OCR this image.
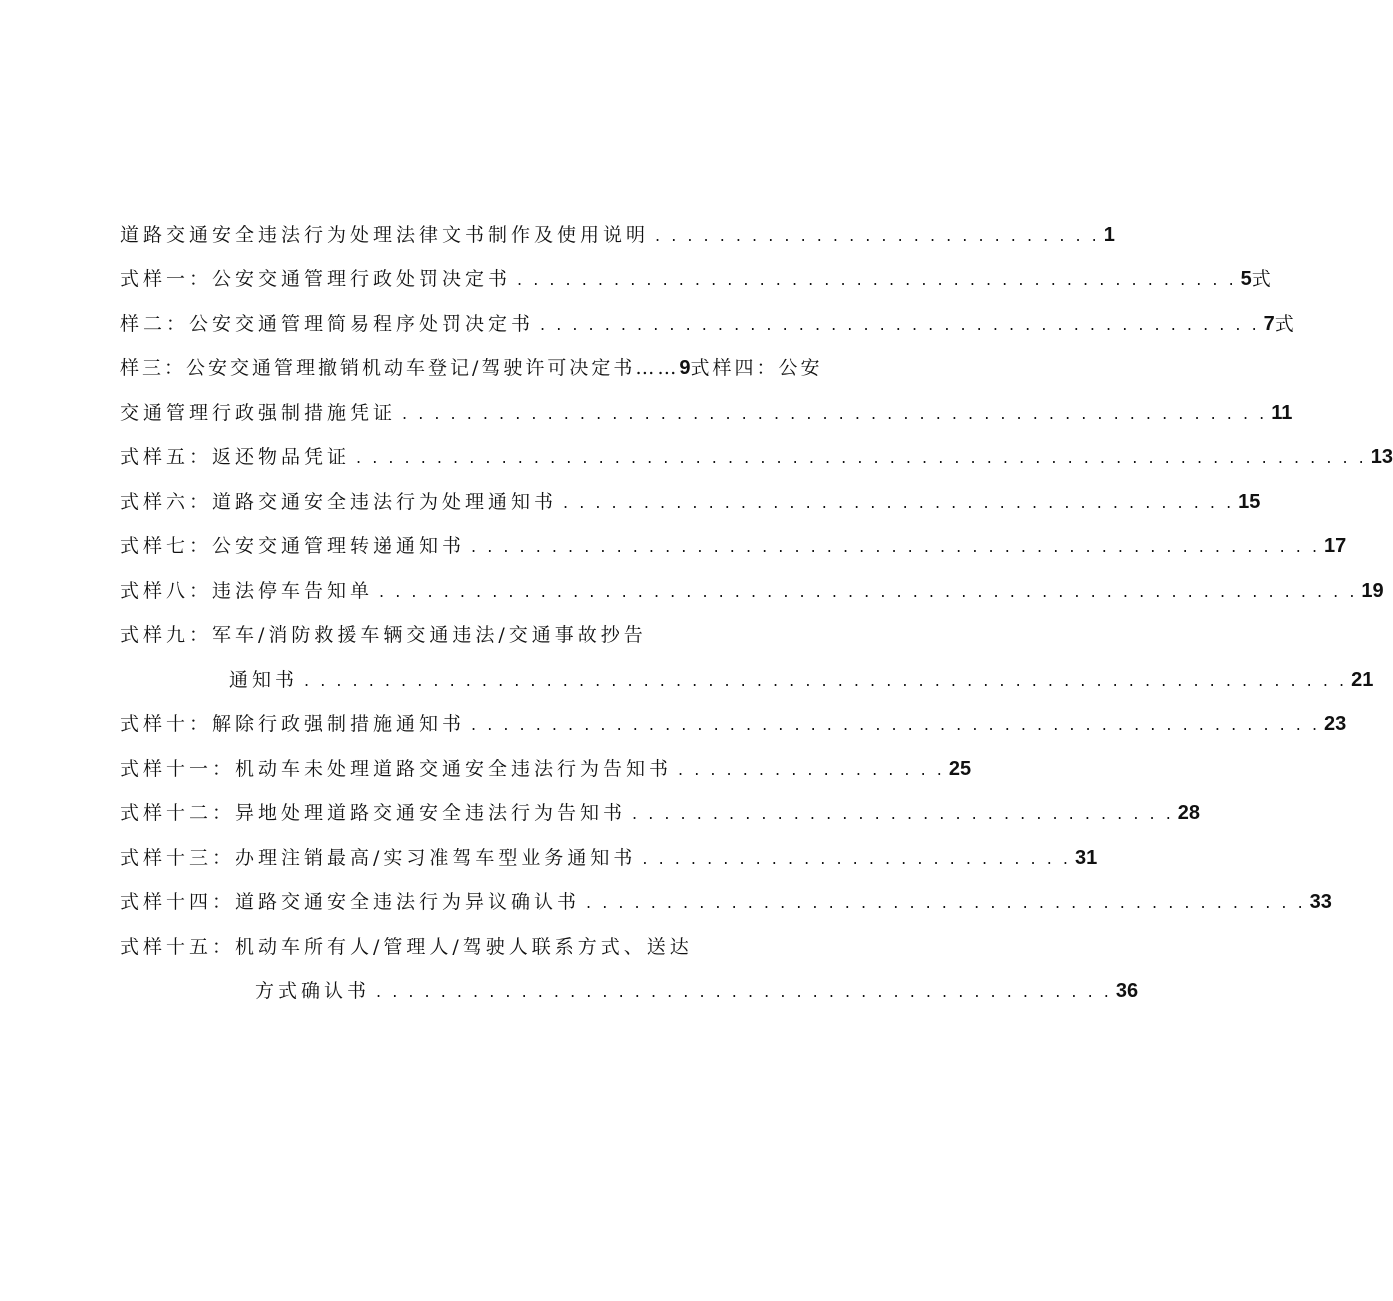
道路交通安全违法行为处理法律文书制作及使用说明 . . . . . . . . . . . . . . . . . . . . . . . . . . . . 1
式样一：公安交通管理行政处罚决定书 . . . . . . . . . . . . . . . . . . . . . . . . . . . . . . . . . . . . . . . . . . . . . 5 式
样二：公安交通管理简易程序处罚决定书 . . . . . . . . . . . . . . . . . . . . . . . . . . . . . . . . . . . . . . . . . . . . . 7 式
样三：公安交通管理撤销机动车登记/驾驶许可决定书…… 9 式样四：公安
交通管理行政强制措施凭证 . . . . . . . . . . . . . . . . . . . . . . . . . . . . . . . . . . . . . . . . . . . . . . . . . . . . . . 11
式样五：返还物品凭证 . . . . . . . . . . . . . . . . . . . . . . . . . . . . . . . . . . . . . . . . . . . . . . . . . . . . . . . . . . . . . . . 13
式样六：道路交通安全违法行为处理通知书 . . . . . . . . . . . . . . . . . . . . . . . . . . . . . . . . . . . . . . . . . . 15
式样七：公安交通管理转递通知书 . . . . . . . . . . . . . . . . . . . . . . . . . . . . . . . . . . . . . . . . . . . . . . . . . . . . . 17
式样八：违法停车告知单 . . . . . . . . . . . . . . . . . . . . . . . . . . . . . . . . . . . . . . . . . . . . . . . . . . . . . . . . . . . . . 19
式样九：军车/消防救援车辆交通违法/交通事故抄告
通知书 . . . . . . . . . . . . . . . . . . . . . . . . . . . . . . . . . . . . . . . . . . . . . . . . . . . . . . . . . . . . . . . . . 21
式样十：解除行政强制措施通知书 . . . . . . . . . . . . . . . . . . . . . . . . . . . . . . . . . . . . . . . . . . . . . . . . . . . . . 23
式样十一：机动车未处理道路交通安全违法行为告知书 . . . . . . . . . . . . . . . . . 25
式样十二：异地处理道路交通安全违法行为告知书 . . . . . . . . . . . . . . . . . . . . . . . . . . . . . . . . . . 28
式样十三：办理注销最高/实习准驾车型业务通知书 . . . . . . . . . . . . . . . . . . . . . . . . . . . 31
式样十四：道路交通安全违法行为异议确认书 . . . . . . . . . . . . . . . . . . . . . . . . . . . . . . . . . . . . . . . . . . . . . 33
式样十五：机动车所有人/管理人/驾驶人联系方式、送达
方式确认书 . . . . . . . . . . . . . . . . . . . . . . . . . . . . . . . . . . . . . . . . . . . . . . 36
